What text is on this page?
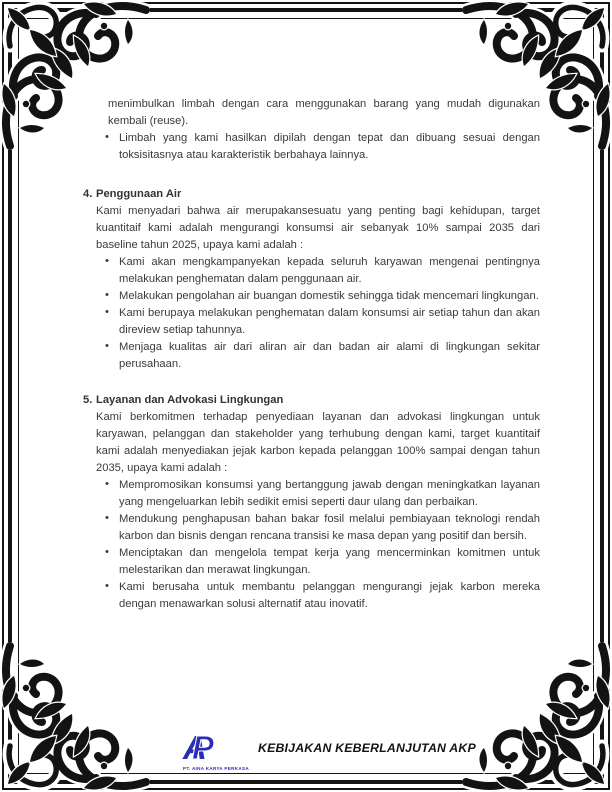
menimbulkan limbah dengan cara menggunakan barang yang mudah digunakan kembali (reuse).

• Limbah yang kami hasilkan dipilah dengan tepat dan dibuang sesuai dengan toksisitasnya atau karakteristik berbahaya lainnya.
4. Penggunaan Air

Kami menyadari bahwa air merupakansesuatu yang penting bagi kehidupan, target kuantitaif kami adalah mengurangi konsumsi air sebanyak 10% sampai 2035 dari baseline tahun 2025, upaya kami adalah :

• Kami akan mengkampanyekan kepada seluruh karyawan mengenai pentingnya melakukan penghematan dalam penggunaan air.
• Melakukan pengolahan air buangan domestik sehingga tidak mencemari lingkungan.
• Kami berupaya melakukan penghematan dalam konsumsi air setiap tahun dan akan direview setiap tahunnya.
• Menjaga kualitas air dari aliran air dan badan air alami di lingkungan sekitar perusahaan.
5. Layanan dan Advokasi Lingkungan

Kami berkomitmen terhadap penyediaan layanan dan advokasi lingkungan untuk karyawan, pelanggan dan stakeholder yang terhubung dengan kami, target kuantitaif kami adalah menyediakan jejak karbon kepada pelanggan 100% sampai dengan tahun 2035, upaya kami adalah :

• Mempromosikan konsumsi yang bertanggung jawab dengan meningkatkan layanan yang mengeluarkan lebih sedikit emisi seperti daur ulang dan perbaikan.
• Mendukung penghapusan bahan bakar fosil melalui pembiayaan teknologi rendah karbon dan bisnis dengan rencana transisi ke masa depan yang positif dan bersih.
• Menciptakan dan mengelola tempat kerja yang mencerminkan komitmen untuk melestarikan dan merawat lingkungan.
• Kami berusaha untuk membantu pelanggan mengurangi jejak karbon mereka dengan menawarkan solusi alternatif atau inovatif.
AP
PT. AINA KARYA PERKASA
KEBIJAKAN KEBERLANJUTAN AKP
